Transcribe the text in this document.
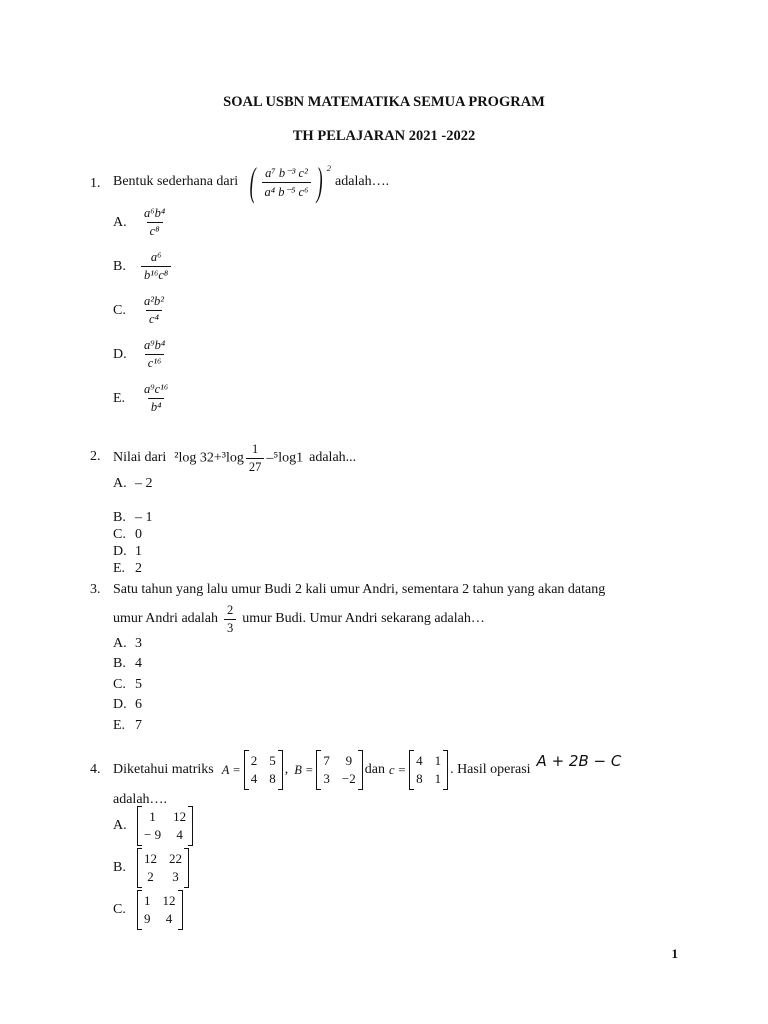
SOAL USBN MATEMATIKA SEMUA PROGRAM
TH PELAJARAN 2021 -2022
1. Bentuk sederhana dari ( $\frac{\text{a⁷ b⁻³ c²}}{\text{a⁴ b⁻⁵ c⁶}}$ ) $^2$
adalah….
A.	$\frac{\text{a⁶b⁴}}{\text{c⁸}}$
B.	$\frac{\text{a⁶}}{\text{b¹⁶c⁸}}$
C.	$\frac{\text{a²b²}}{\text{c⁴}}$
D.	$\frac{\text{a⁹b⁴}}{\text{c¹⁶}}$
E.	$\frac{\text{a⁹c¹⁶}}{\text{b⁴}}$
2. Nilai dari ²log $32+^3\log \frac{1}{27} -^5\log 1$ adalah...
A. – 2
B. – 1
C. 0
D. 1
E. 2
3. Satu tahun yang lalu umur Budi 2 kali umur Andri, sementara 2 tahun yang akan datang
umur Andri adalah $\frac{2}{3}$ umur Budi. Umur Andri sekarang adalah…
A. 3
B. 4
C. 5
D. 6
E. 7
4. Diketahui matriks A =
2 5
4 8
, B =
7 9
3 −2
dan c =
4 1
8 1
. Hasil operasi A + 2B − C
adalah….
A.
1	12
− 9 4
B.
12 22
2 3
C.
1 12
9 4
1
